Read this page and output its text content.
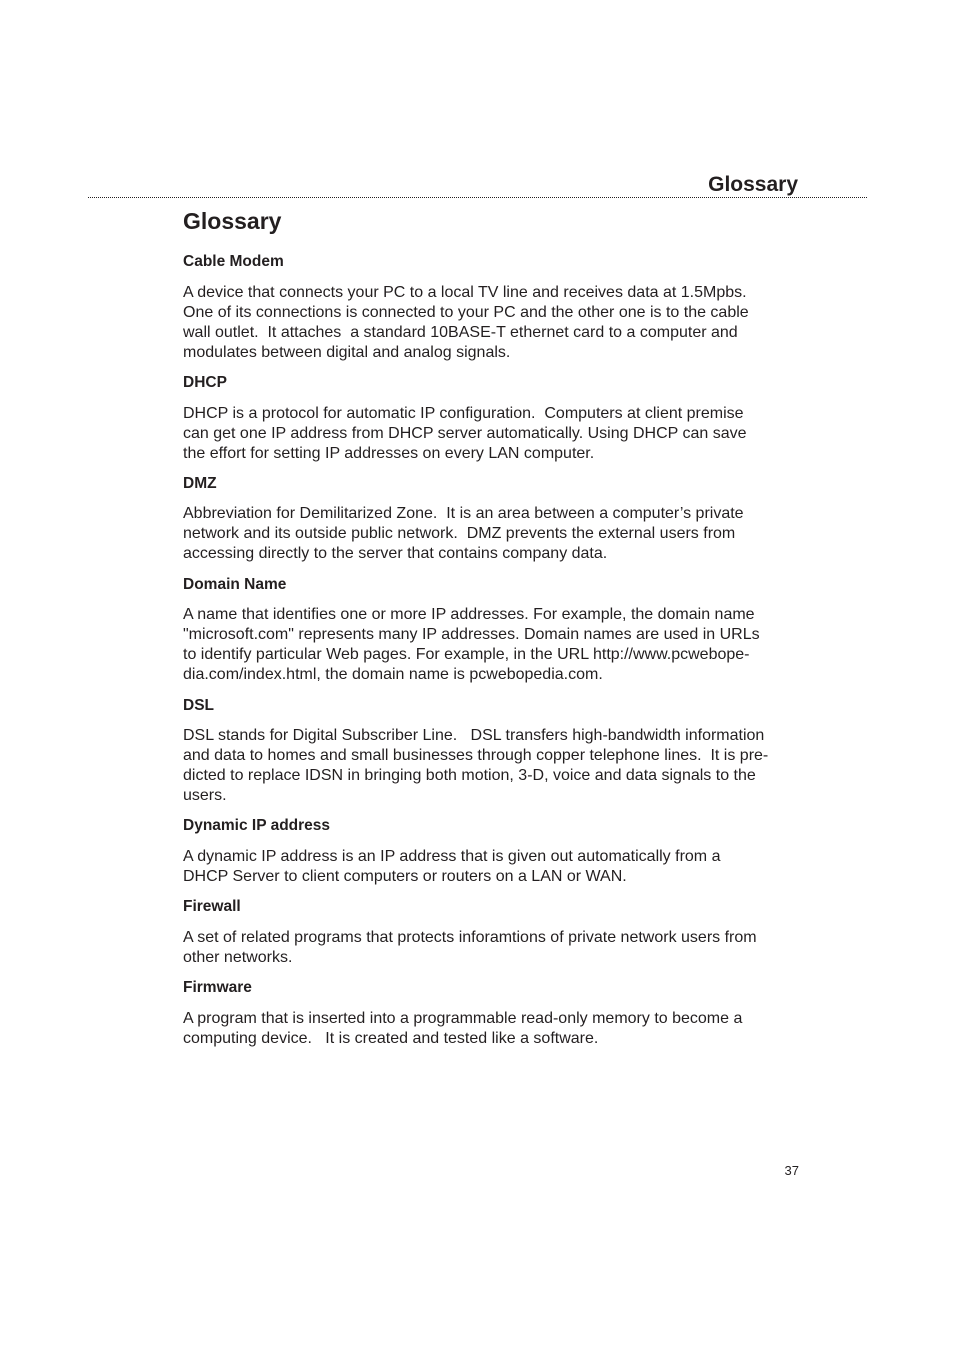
Glossary
Glossary
Cable Modem

A device that connects your PC to a local TV line and receives data at 1.5Mpbs.
One of its connections is connected to your PC and the other one is to the cable
wall outlet.  It attaches  a standard 10BASE-T ethernet card to a computer and
modulates between digital and analog signals.

DHCP

DHCP is a protocol for automatic IP configuration.  Computers at client premise
can get one IP address from DHCP server automatically. Using DHCP can save
the effort for setting IP addresses on every LAN computer.

DMZ

Abbreviation for Demilitarized Zone.  It is an area between a computer’s private
network and its outside public network.  DMZ prevents the external users from
accessing directly to the server that contains company data.

Domain Name

A name that identifies one or more IP addresses. For example, the domain name
"microsoft.com" represents many IP addresses. Domain names are used in URLs
to identify particular Web pages. For example, in the URL http://www.pcwebope-
dia.com/index.html, the domain name is pcwebopedia.com.

DSL

DSL stands for Digital Subscriber Line.   DSL transfers high-bandwidth information
and data to homes and small businesses through copper telephone lines.  It is pre-
dicted to replace IDSN in bringing both motion, 3-D, voice and data signals to the
users.

Dynamic IP address

A dynamic IP address is an IP address that is given out automatically from a
DHCP Server to client computers or routers on a LAN or WAN.

Firewall

A set of related programs that protects inforamtions of private network users from
other networks.

Firmware

A program that is inserted into a programmable read-only memory to become a
computing device.   It is created and tested like a software.

37
